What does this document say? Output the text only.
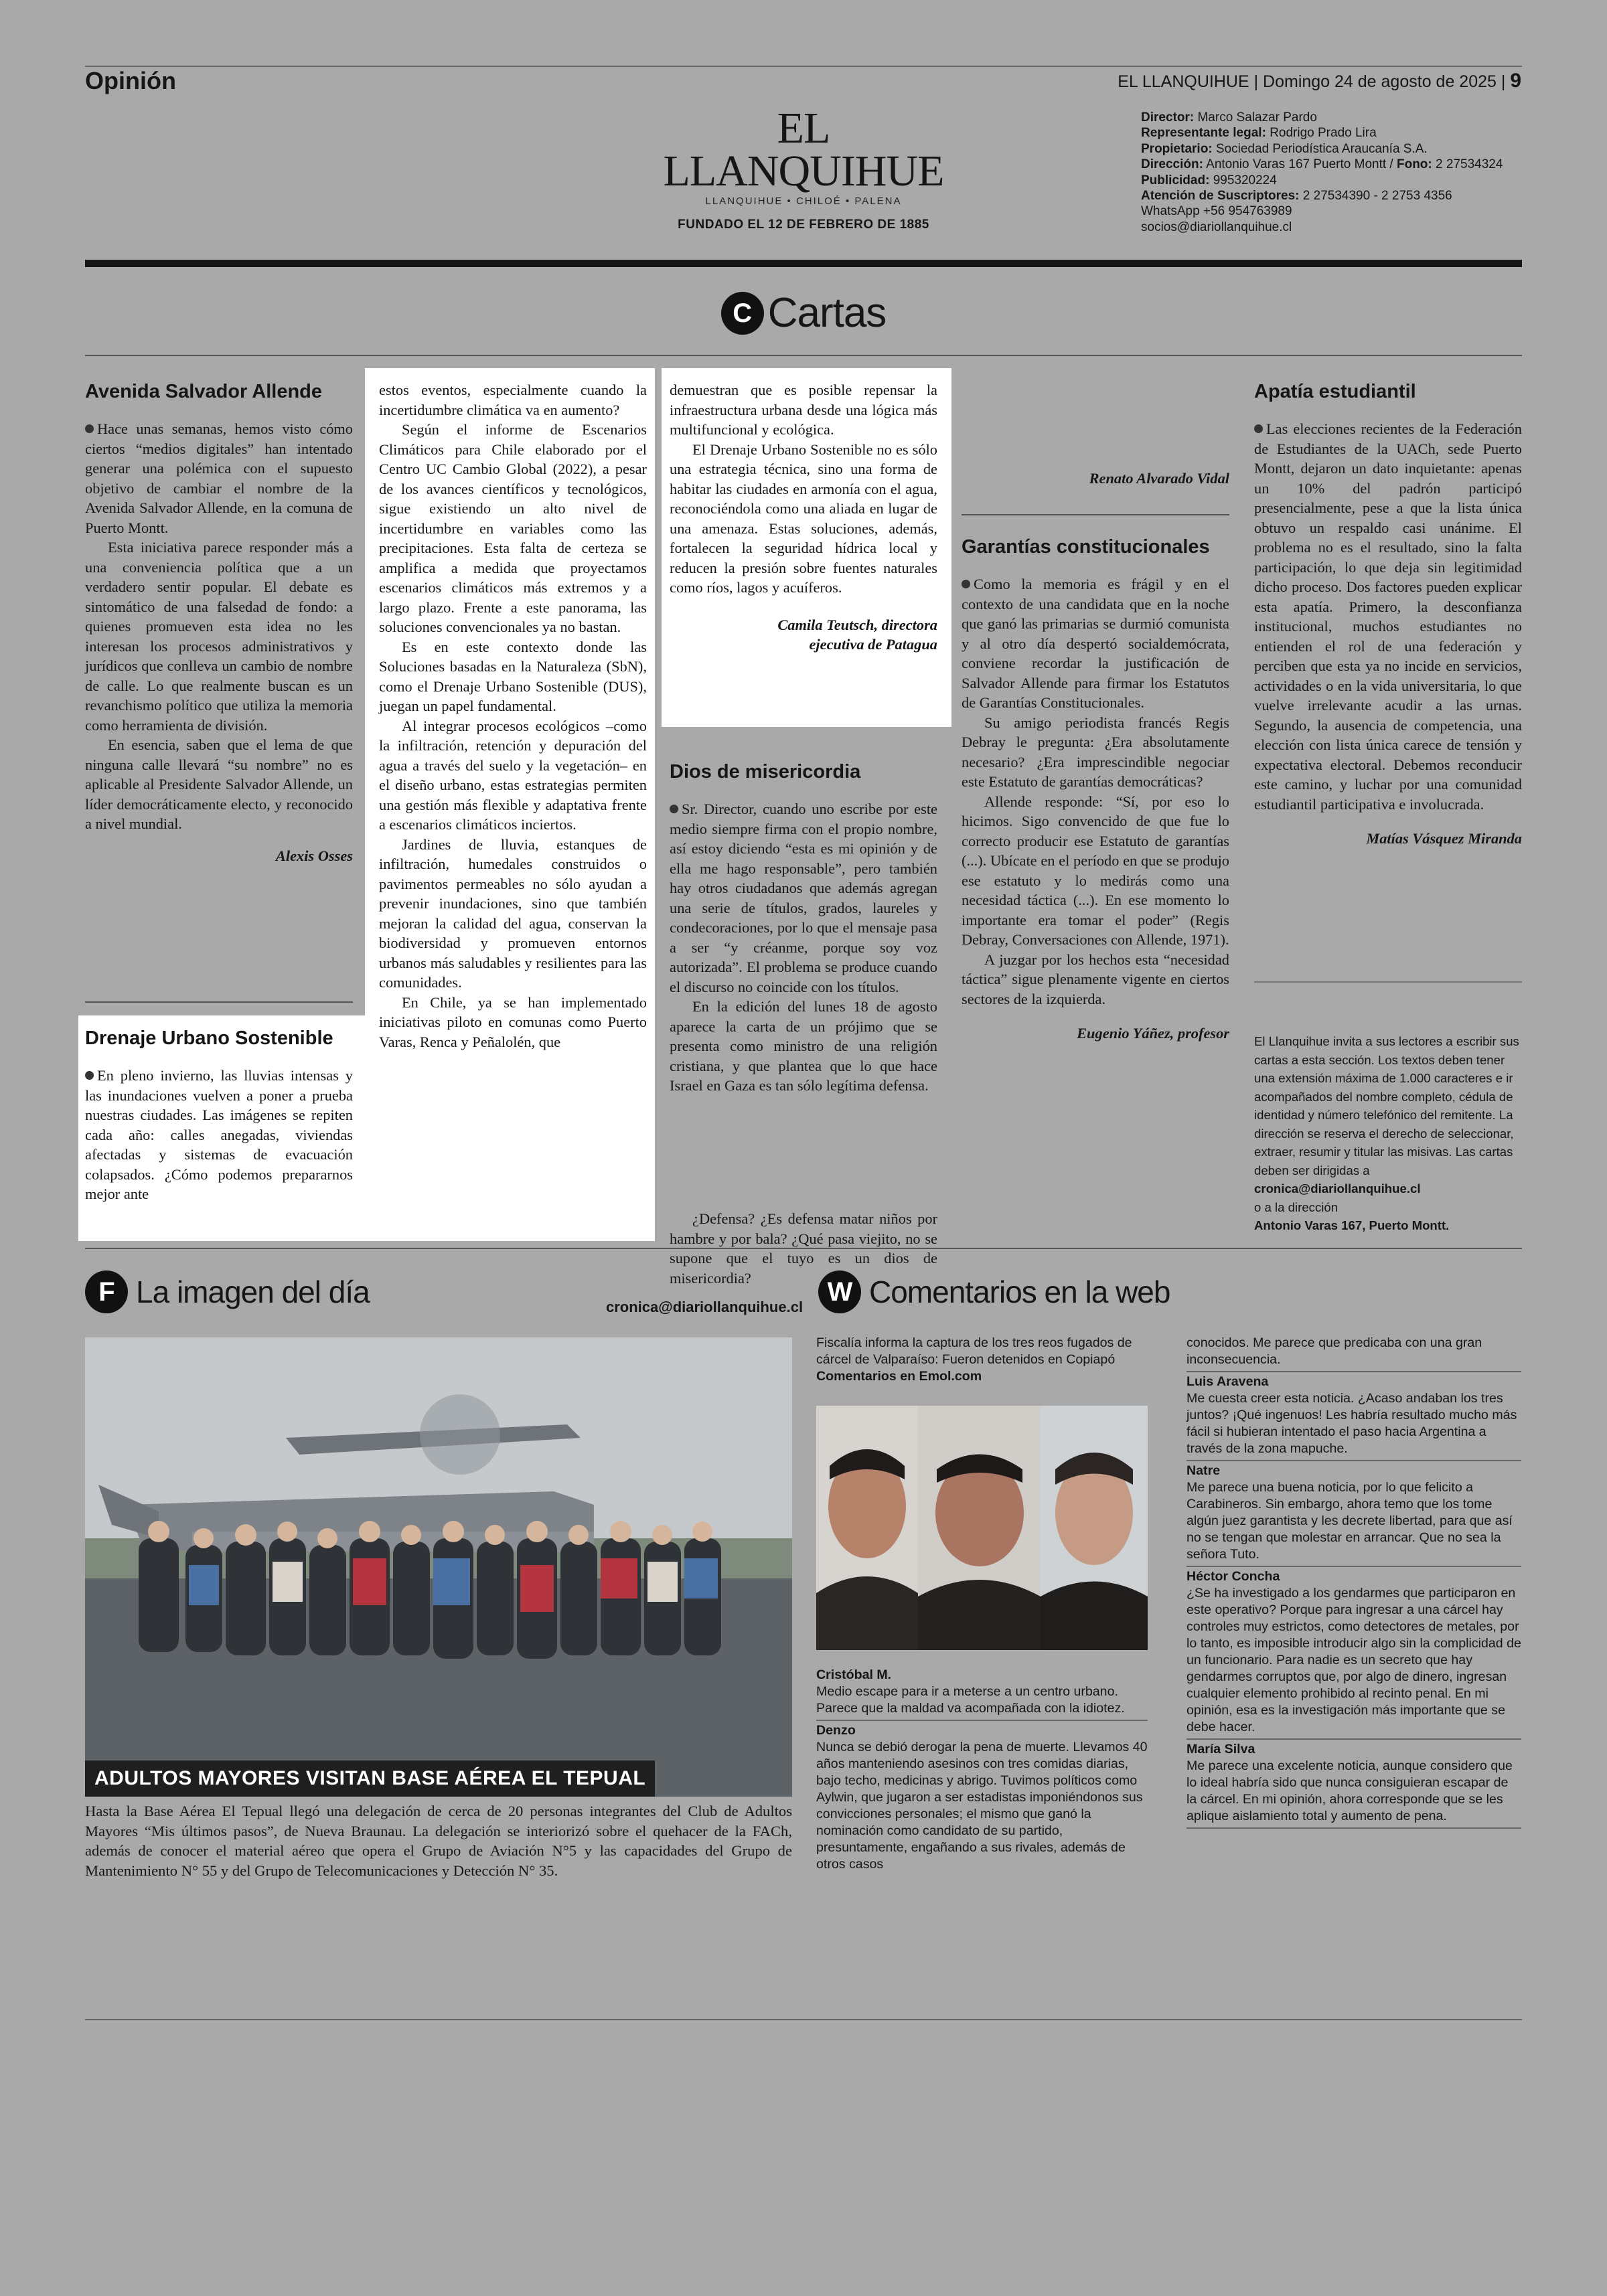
Opinión	EL LLANQUIHUE | Domingo 24 de agosto de 2025 | 9
EL LLANQUIHUE
LLANQUIHUE • CHILOÉ • PALENA
FUNDADO EL 12 DE FEBRERO DE 1885
Director: Marco Salazar Pardo
Representante legal: Rodrigo Prado Lira
Propietario: Sociedad Periodística Araucanía S.A.
Dirección: Antonio Varas 167 Puerto Montt / Fono: 2 27534324
Publicidad: 995320224
Atención de Suscriptores: 2 27534390 - 2 2753 4356
WhatsApp +56 954763989
socios@diariollanquihue.cl
C Cartas
Avenida Salvador Allende

Hace unas semanas, hemos visto cómo ciertos “medios digitales” han intentado generar una polémica con el supuesto objetivo de cambiar el nombre de la Avenida Salvador Allende, en la comuna de Puerto Montt.

Esta iniciativa parece responder más a una conveniencia política que a un verdadero sentir popular. El debate es sintomático de una falsedad de fondo: a quienes promueven esta idea no les interesan los procesos administrativos y jurídicos que conlleva un cambio de nombre de calle. Lo que realmente buscan es un revanchismo político que utiliza la memoria como herramienta de división.

En esencia, saben que el lema de que ninguna calle llevará “su nombre” no es aplicable al Presidente Salvador Allende, un líder democráticamente electo, y reconocido a nivel mundial.

Alexis Osses

Drenaje Urbano Sostenible

En pleno invierno, las lluvias intensas y las inundaciones vuelven a poner a prueba nuestras ciudades. Las imágenes se repiten cada año: calles anegadas, viviendas afectadas y sistemas de evacuación colapsados. ¿Cómo podemos prepararnos mejor ante

estos eventos, especialmente cuando la incertidumbre climática va en aumento?

Según el informe de Escenarios Climáticos para Chile elaborado por el Centro UC Cambio Global (2022), a pesar de los avances científicos y tecnológicos, sigue existiendo un alto nivel de incertidumbre en variables como las precipitaciones. Esta falta de certeza se amplifica a medida que proyectamos escenarios climáticos más extremos y a largo plazo. Frente a este panorama, las soluciones convencionales ya no bastan.

Es en este contexto donde las Soluciones basadas en la Naturaleza (SbN), como el Drenaje Urbano Sostenible (DUS), juegan un papel fundamental.

Al integrar procesos ecológicos –como la infiltración, retención y depuración del agua a través del suelo y la vegetación– en el diseño urbano, estas estrategias permiten una gestión más flexible y adaptativa frente a escenarios climáticos inciertos.

Jardines de lluvia, estanques de infiltración, humedales construidos o pavimentos permeables no sólo ayudan a prevenir inundaciones, sino que también mejoran la calidad del agua, conservan la biodiversidad y promueven entornos urbanos más saludables y resilientes para las comunidades.

En Chile, ya se han implementado iniciativas piloto en comunas como Puerto Varas, Renca y Peñalolén, que

demuestran que es posible repensar la infraestructura urbana desde una lógica más multifuncional y ecológica.

El Drenaje Urbano Sostenible no es sólo una estrategia técnica, sino una forma de habitar las ciudades en armonía con el agua, reconociéndola como una aliada en lugar de una amenaza. Estas soluciones, además, fortalecen la seguridad hídrica local y reducen la presión sobre fuentes naturales como ríos, lagos y acuíferos.

Camila Teutsch, directora
ejecutiva de Patagua

Dios de misericordia

Sr. Director, cuando uno escribe por este medio siempre firma con el propio nombre, así estoy diciendo “esta es mi opinión y de ella me hago responsable”, pero también hay otros ciudadanos que además agregan una serie de títulos, grados, laureles y condecoraciones, por lo que el mensaje pasa a ser “y créanme, porque soy voz autorizada”. El problema se produce cuando el discurso no coincide con los títulos.

En la edición del lunes 18 de agosto aparece la carta de un prójimo que se presenta como ministro de una religión cristiana, y que plantea que lo que hace Israel en Gaza es tan sólo legítima defensa.

¿Defensa? ¿Es defensa matar niños por hambre y por bala? ¿Qué pasa viejito, no se supone que el tuyo es un dios de misericordia?

Renato Alvarado Vidal

Garantías constitucionales

Como la memoria es frágil y en el contexto de una candidata que en la noche que ganó las primarias se durmió comunista y al otro día despertó socialdemócrata, conviene recordar la justificación de Salvador Allende para firmar los Estatutos de Garantías Constitucionales.

Su amigo periodista francés Regis Debray le pregunta: ¿Era absolutamente necesario? ¿Era imprescindible negociar este Estatuto de garantías democráticas?

Allende responde: “Sí, por eso lo hicimos. Sigo convencido de que fue lo correcto producir ese Estatuto de garantías (...). Ubícate en el período en que se produjo ese estatuto y lo medirás como una necesidad táctica (...). En ese momento lo importante era tomar el poder” (Regis Debray, Conversaciones con Allende, 1971).

A juzgar por los hechos esta “necesidad táctica” sigue plenamente vigente en ciertos sectores de la izquierda.

Eugenio Yáñez, profesor

Apatía estudiantil

Las elecciones recientes de la Federación de Estudiantes de la UACh, sede Puerto Montt, dejaron un dato inquietante: apenas un 10% del padrón participó presencialmente, pese a que la lista única obtuvo un respaldo casi unánime. El problema no es el resultado, sino la falta participación, lo que deja sin legitimidad dicho proceso. Dos factores pueden explicar esta apatía. Primero, la desconfianza institucional, muchos estudiantes no entienden el rol de una federación y perciben que esta ya no incide en servicios, actividades o en la vida universitaria, lo que vuelve irrelevante acudir a las urnas. Segundo, la ausencia de competencia, una elección con lista única carece de tensión y expectativa electoral. Debemos reconducir este camino, y luchar por una comunidad estudiantil participativa e involucrada.

Matías Vásquez Miranda

El Llanquihue invita a sus lectores a escribir sus cartas a esta sección. Los textos deben tener una extensión máxima de 1.000 caracteres e ir acompañados del nombre completo, cédula de identidad y número telefónico del remitente. La dirección se reserva el derecho de seleccionar, extraer, resumir y titular las misivas. Las cartas deben ser dirigidas a
cronica@diariollanquihue.cl
o a la dirección
Antonio Varas 167, Puerto Montt.
F La imagen del día	cronica@diariollanquihue.cl
ADULTOS MAYORES VISITAN BASE AÉREA EL TEPUAL
Hasta la Base Aérea El Tepual llegó una delegación de cerca de 20 personas integrantes del Club de Adultos Mayores “Mis últimos pasos”, de Nueva Braunau. La delegación se interiorizó sobre el quehacer de la FACh, además de conocer el material aéreo que opera el Grupo de Aviación N°5 y las capacidades del Grupo de Mantenimiento N° 55 y del Grupo de Telecomunicaciones y Detección N° 35.
W Comentarios en la web
Fiscalía informa la captura de los tres reos fugados de cárcel de Valparaíso: Fueron detenidos en Copiapó
Comentarios en Emol.com
Cristóbal M.
Medio escape para ir a meterse a un centro urbano. Parece que la maldad va acompañada con la idiotez.
Denzo
Nunca se debió derogar la pena de muerte. Llevamos 40 años manteniendo asesinos con tres comidas diarias, bajo techo, medicinas y abrigo. Tuvimos políticos como Aylwin, que jugaron a ser estadistas imponiéndonos sus convicciones personales; el mismo que ganó la nominación como candidato de su partido, presuntamente, engañando a sus rivales, además de otros casos
conocidos. Me parece que predicaba con una gran inconsecuencia.
Luis Aravena
Me cuesta creer esta noticia. ¿Acaso andaban los tres juntos? ¡Qué ingenuos! Les habría resultado mucho más fácil si hubieran intentado el paso hacia Argentina a través de la zona mapuche.
Natre
Me parece una buena noticia, por lo que felicito a Carabineros. Sin embargo, ahora temo que los tome algún juez garantista y les decrete libertad, para que así no se tengan que molestar en arrancar. Que no sea la señora Tuto.
Héctor Concha
¿Se ha investigado a los gendarmes que participaron en este operativo? Porque para ingresar a una cárcel hay controles muy estrictos, como detectores de metales, por lo tanto, es imposible introducir algo sin la complicidad de un funcionario. Para nadie es un secreto que hay gendarmes corruptos que, por algo de dinero, ingresan cualquier elemento prohibido al recinto penal. En mi opinión, esa es la investigación más importante que se debe hacer.
María Silva
Me parece una excelente noticia, aunque considero que lo ideal habría sido que nunca consiguieran escapar de la cárcel. En mi opinión, ahora corresponde que se les aplique aislamiento total y aumento de pena.
